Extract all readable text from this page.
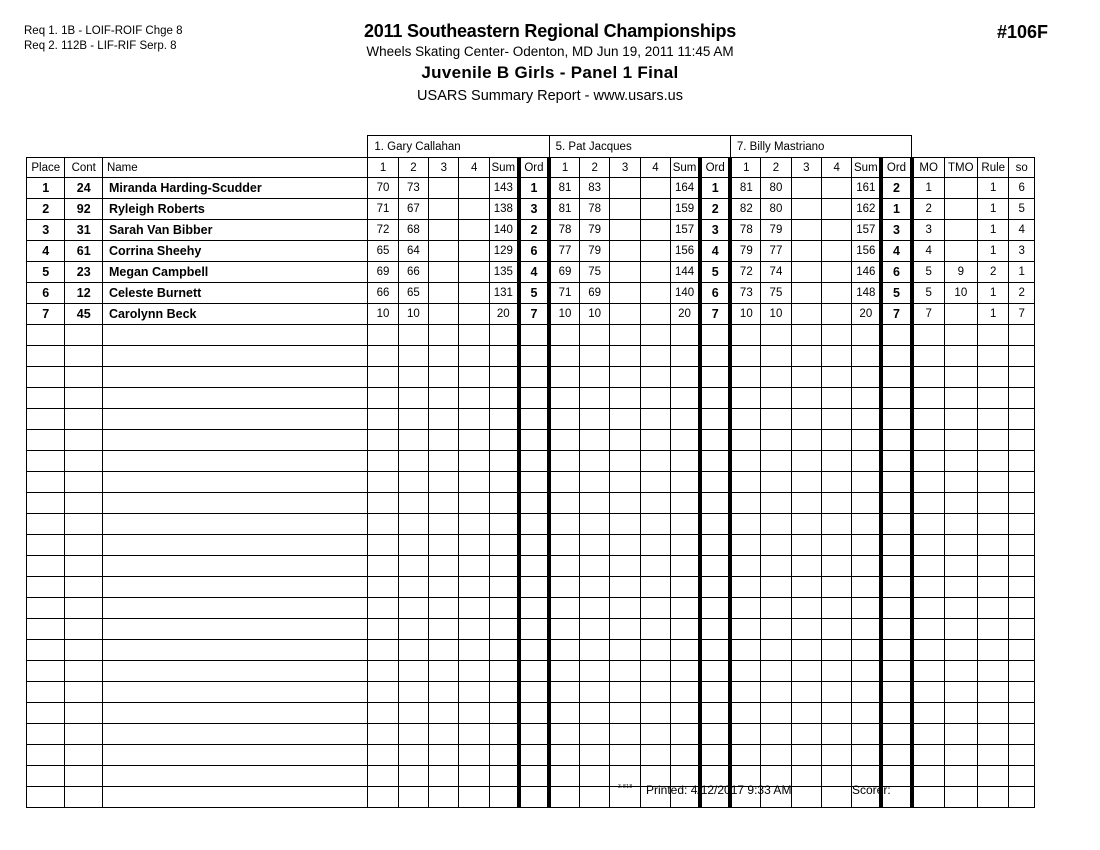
Req 1. 1B - LOIF-ROIF Chge 8
Req 2. 112B - LIF-RIF Serp. 8
2011 Southeastern Regional Championships
Wheels Skating Center- Odenton, MD Jun 19, 2011 11:45 AM
Juvenile B Girls - Panel 1 Final
USARS Summary Report - www.usars.us
#106F
			1. Gary Callahan						5. Pat Jacques						7. Billy Mastriano									
Place	Cont	Name	1	2	3	4	Sum	Ord	1	2	3	4	Sum	Ord	1	2	3	4	Sum	Ord	MO	TMO	Rule	so
1	24	Miranda Harding-Scudder	70	73			143	1	81	83			164	1	81	80			161	2	1		1	6
2	92	Ryleigh Roberts	71	67			138	3	81	78			159	2	82	80			162	1	2		1	5
3	31	Sarah Van Bibber	72	68			140	2	78	79			157	3	78	79			157	3	3		1	4
4	61	Corrina Sheehy	65	64			129	6	77	79			156	4	79	77			156	4	4		1	3
5	23	Megan Campbell	69	66			135	4	69	75			144	5	72	74			146	6	5	9	2	1
6	12	Celeste Burnett	66	65			131	5	71	69			140	6	73	75			148	5	5	10	1	2
7	45	Carolynn Beck	10	10			20	7	10	10			20	7	10	10			20	7	7		1	7

3.818 Printed: 4/12/2017 9:33 AM	Scorer:
